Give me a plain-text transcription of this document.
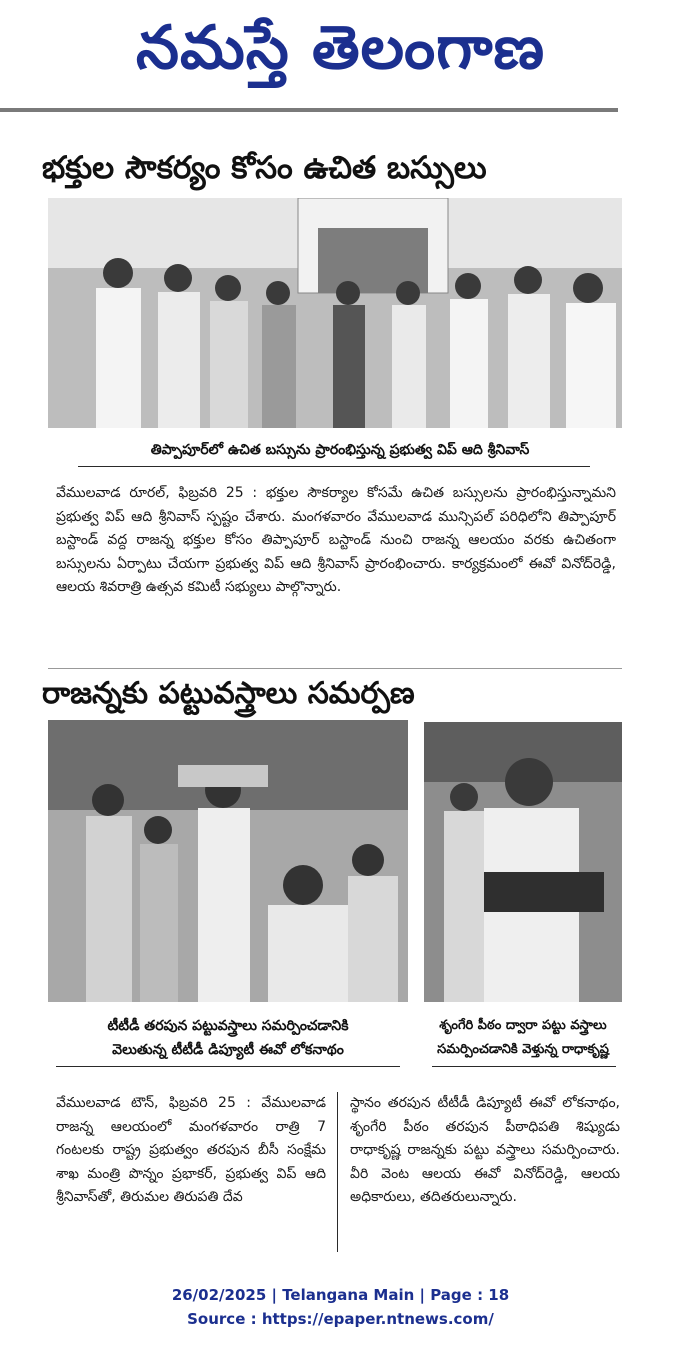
నమస్తే తెలంగాణ
భక్తుల సౌకర్యం కోసం ఉచిత బస్సులు
తిప్పాపూర్‌లో ఉచిత బస్సును ప్రారంభిస్తున్న ప్రభుత్వ విప్ ఆది శ్రీనివాస్
వేములవాడ రూరల్, ఫిబ్రవరి 25 : భక్తుల సౌకర్యాల కోసమే ఉచిత బస్సులను ప్రారంభిస్తున్నామని ప్రభుత్వ విప్ ఆది శ్రీనివాస్ స్పష్టం చేశారు. మంగళవారం వేములవాడ మున్సిపల్ పరిధిలోని తిప్పాపూర్ బస్టాండ్ వద్ద రాజన్న భక్తుల కోసం తిప్పాపూర్ బస్టాండ్ నుంచి రాజన్న ఆలయం వరకు ఉచితంగా బస్సులను ఏర్పాటు చేయగా ప్రభుత్వ విప్ ఆది శ్రీనివాస్ ప్రారంభించారు. కార్యక్రమంలో ఈవో వినోద్‌రెడ్డి, ఆలయ శివరాత్రి ఉత్సవ కమిటీ సభ్యులు పాల్గొన్నారు.
రాజన్నకు పట్టువస్త్రాలు సమర్పణ
టీటీడీ తరపున పట్టువస్త్రాలు సమర్పించడానికి
వెలుతున్న టీటీడీ డిప్యూటీ ఈవో లోకనాథం
శృంగేరి పీఠం ద్వారా పట్టు వస్త్రాలు
సమర్పించడానికి వెళ్తున్న రాధాకృష్ణ
వేములవాడ టౌన్, ఫిబ్రవరి 25 : వేములవాడ రాజన్న ఆలయంలో మంగళవారం రాత్రి 7 గంటలకు రాష్ట్ర ప్రభుత్వం తరపున బీసీ సంక్షేమ శాఖ మంత్రి పొన్నం ప్రభాకర్, ప్రభుత్వ విప్ ఆది శ్రీనివాస్‌తో, తిరుమల తిరుపతి దేవ
స్థానం తరపున టీటీడీ డిప్యూటీ ఈవో లోకనాథం, శృంగేరి పీఠం తరపున పీఠాధిపతి శిష్యుడు రాధాకృష్ణ రాజన్నకు పట్టు వస్త్రాలు సమర్పించారు. వీరి వెంట ఆలయ ఈవో వినోద్‌రెడ్డి, ఆలయ అధికారులు, తదితరులున్నారు.
26/02/2025 | Telangana Main | Page : 18
Source : https://epaper.ntnews.com/
